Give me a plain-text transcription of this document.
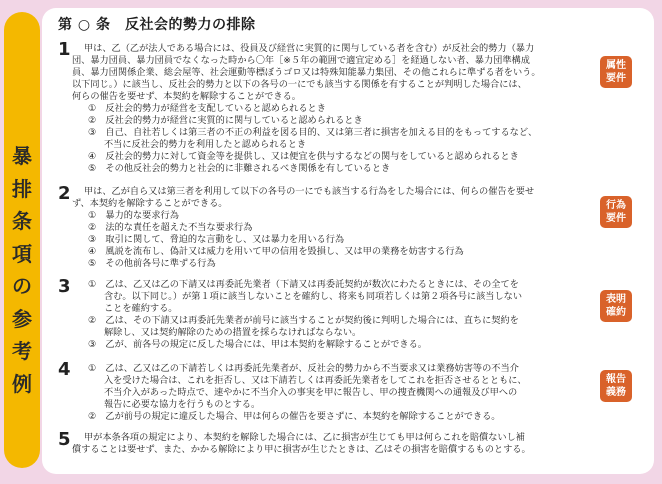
暴
排
条
項
の
参
考
例
第 ○ 条　反社会的勢力の排除
1 甲は、乙（乙が法人である場合には、役員及び経営に実質的に関与している者を含む）が反社会的勢力（暴力
団、暴力団員、暴力団員でなくなった時から〇年［※５年の範囲で適宜定める］を経過しない者、暴力団準構成
員、暴力団関係企業、総会屋等、社会運動等標ぼうゴロ又は特殊知能暴力集団、その他これらに準ずる者をいう。
以下同じ。）に該当し、反社会的勢力と以下の各号の一にでも該当する関係を有することが判明した場合には、
何らの催告を要せず、本契約を解除することができる。
①　反社会的勢力が経営を支配していると認められるとき
②　反社会的勢力が経営に実質的に関与していると認められるとき
③　自己、自社若しくは第三者の不正の利益を図る目的、又は第三者に損害を加える目的をもってするなど、
不当に反社会的勢力を利用したと認められるとき
④　反社会的勢力に対して資金等を提供し、又は便宜を供与するなどの関与をしていると認められるとき
⑤　その他反社会的勢力と社会的に非難されるべき関係を有しているとき
2 甲は、乙が自ら又は第三者を利用して以下の各号の一にでも該当する行為をした場合には、何らの催告を要せ
ず、本契約を解除することができる。
①　暴力的な要求行為
②　法的な責任を超えた不当な要求行為
③　取引に関して、脅迫的な言動をし、又は暴力を用いる行為
④　風説を流布し、偽計又は威力を用いて甲の信用を毀損し、又は甲の業務を妨害する行為
⑤　その他前各号に準ずる行為
3 ①　乙は、乙又は乙の下請又は再委託先業者（下請又は再委託契約が数次にわたるときには、その全てを
含む。以下同じ。）が第１項に該当しないことを確約し、将来も同項若しくは第２項各号に該当しない
ことを確約する。
②　乙は、その下請又は再委託先業者が前号に該当することが契約後に判明した場合には、直ちに契約を
解除し、又は契約解除のための措置を採らなければならない。
③　乙が、前各号の規定に反した場合には、甲は本契約を解除することができる。
4 ①　乙は、乙又は乙の下請若しくは再委託先業者が、反社会的勢力から不当要求又は業務妨害等の不当介
入を受けた場合は、これを拒否し、又は下請若しくは再委託先業者をしてこれを拒否させるとともに、
不当介入があった時点で、速やかに不当介入の事実を甲に報告し、甲の捜査機関への通報及び甲への
報告に必要な協力を行うものとする。
②　乙が前号の規定に違反した場合、甲は何らの催告を要さずに、本契約を解除することができる。
5 甲が本条各項の規定により、本契約を解除した場合には、乙に損害が生じても甲は何らこれを賠償ないし補
償することは要せず、また、かかる解除により甲に損害が生じたときは、乙はその損害を賠償するものとする。
属性
要件
行為
要件
表明
確約
報告
義務
